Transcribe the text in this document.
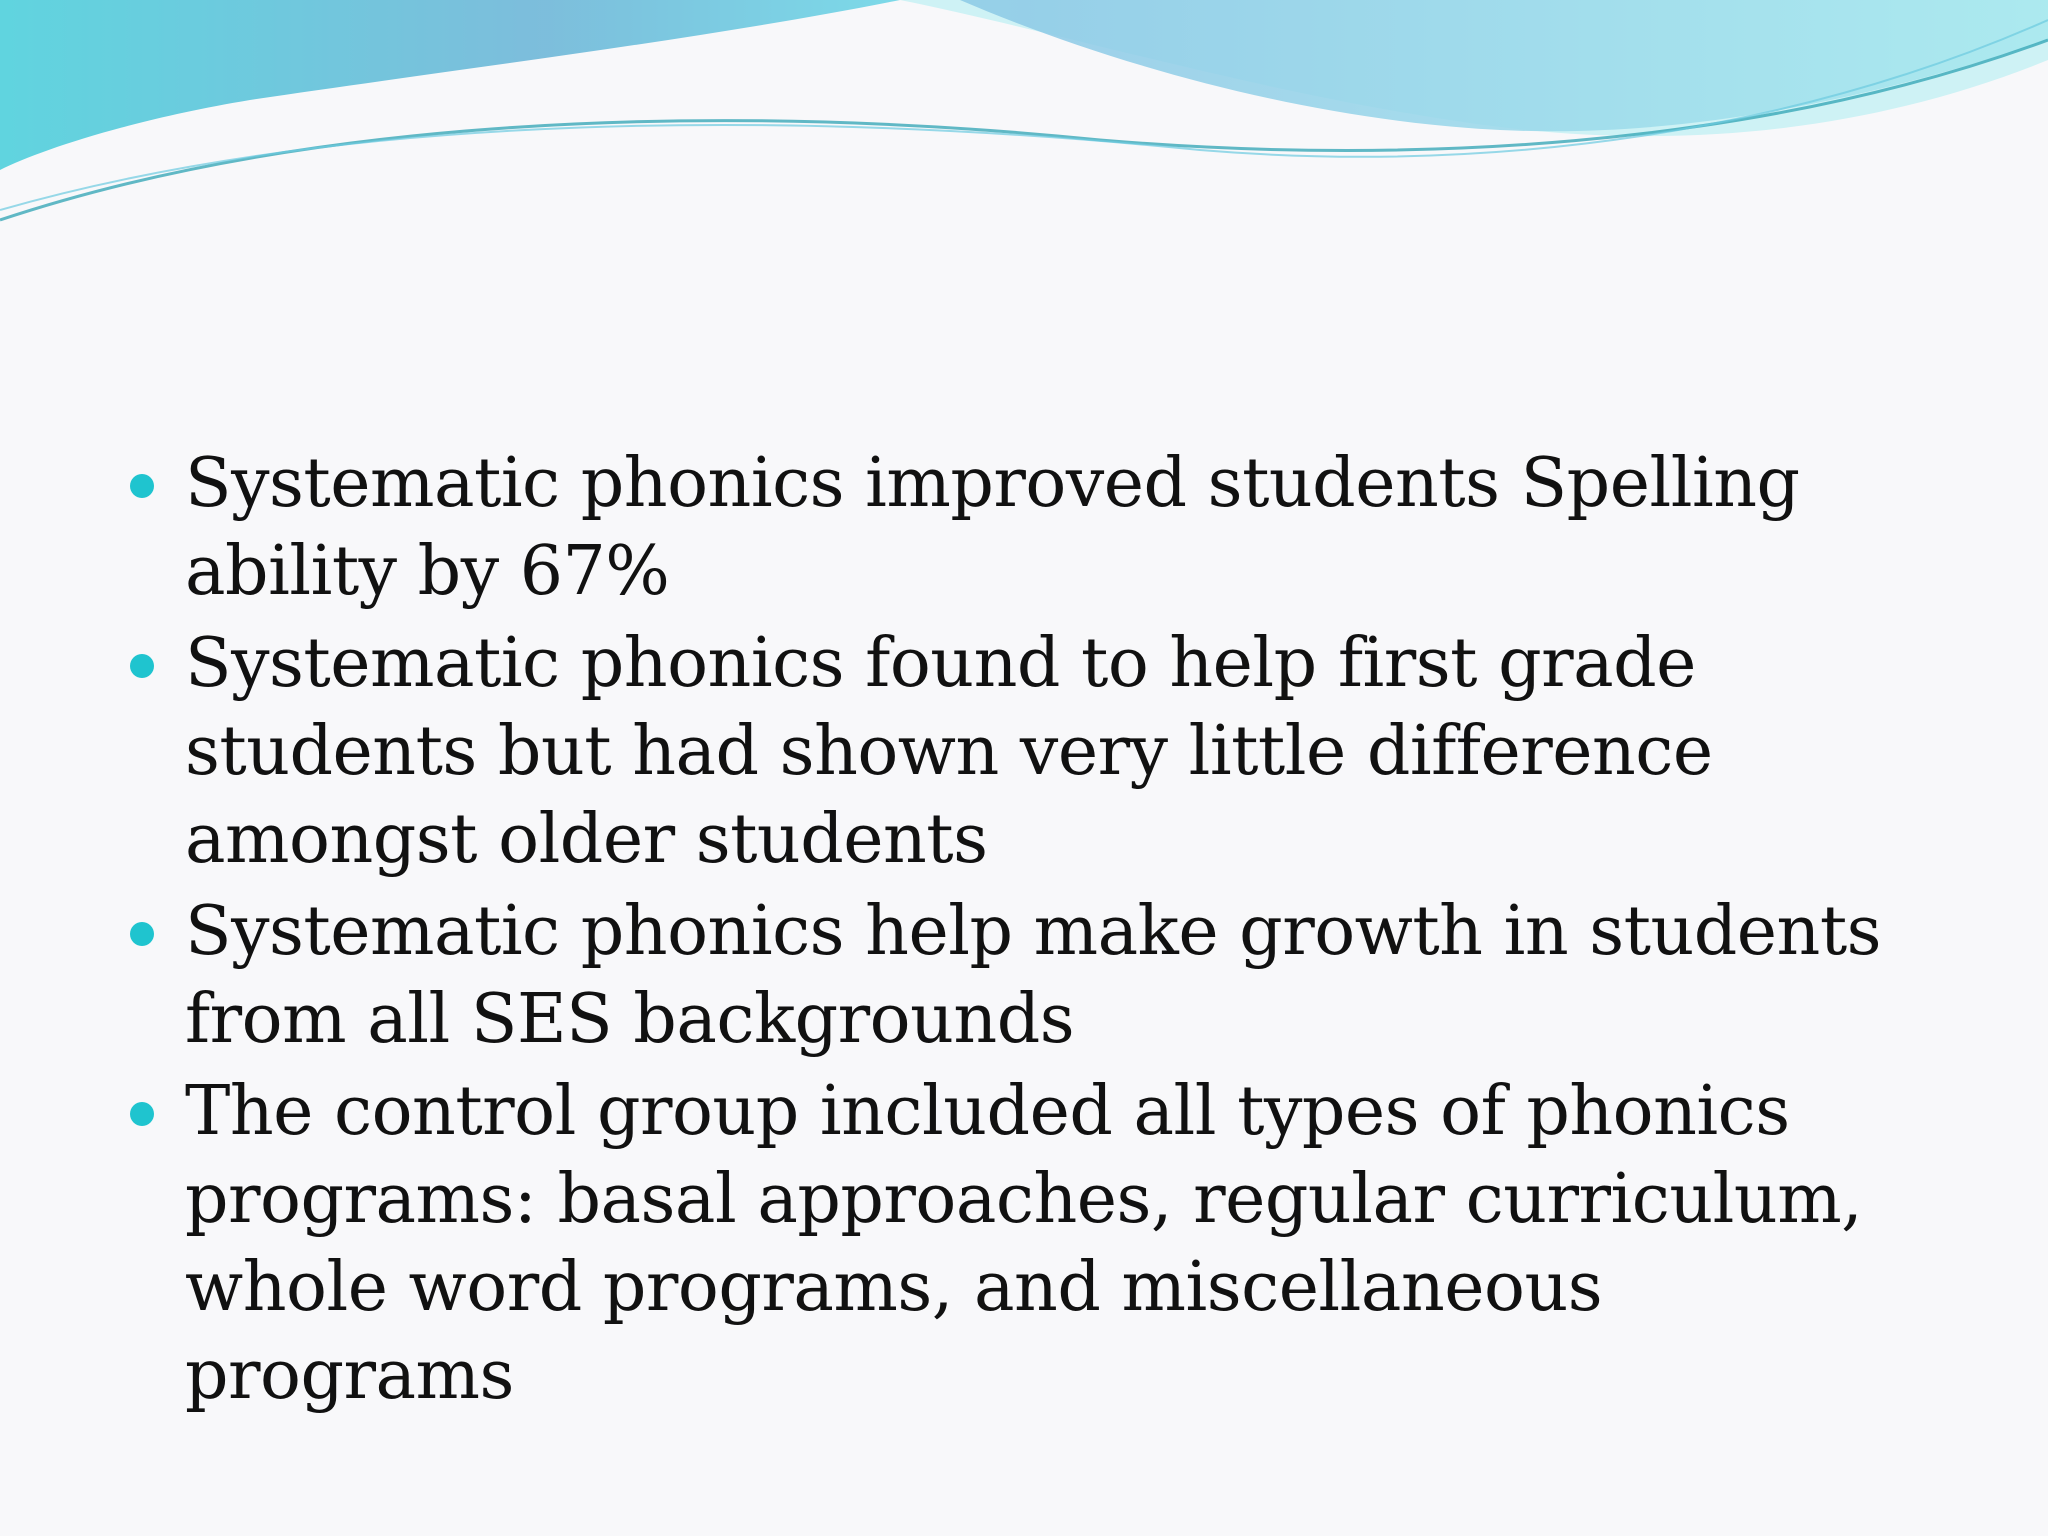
Systematic phonics improved students Spelling ability by 67%
Systematic phonics found to help first grade students but had shown very little difference amongst older students
Systematic phonics help make growth in students from all SES backgrounds
The control group included all types of phonics programs: basal approaches, regular curriculum, whole word programs, and miscellaneous programs
